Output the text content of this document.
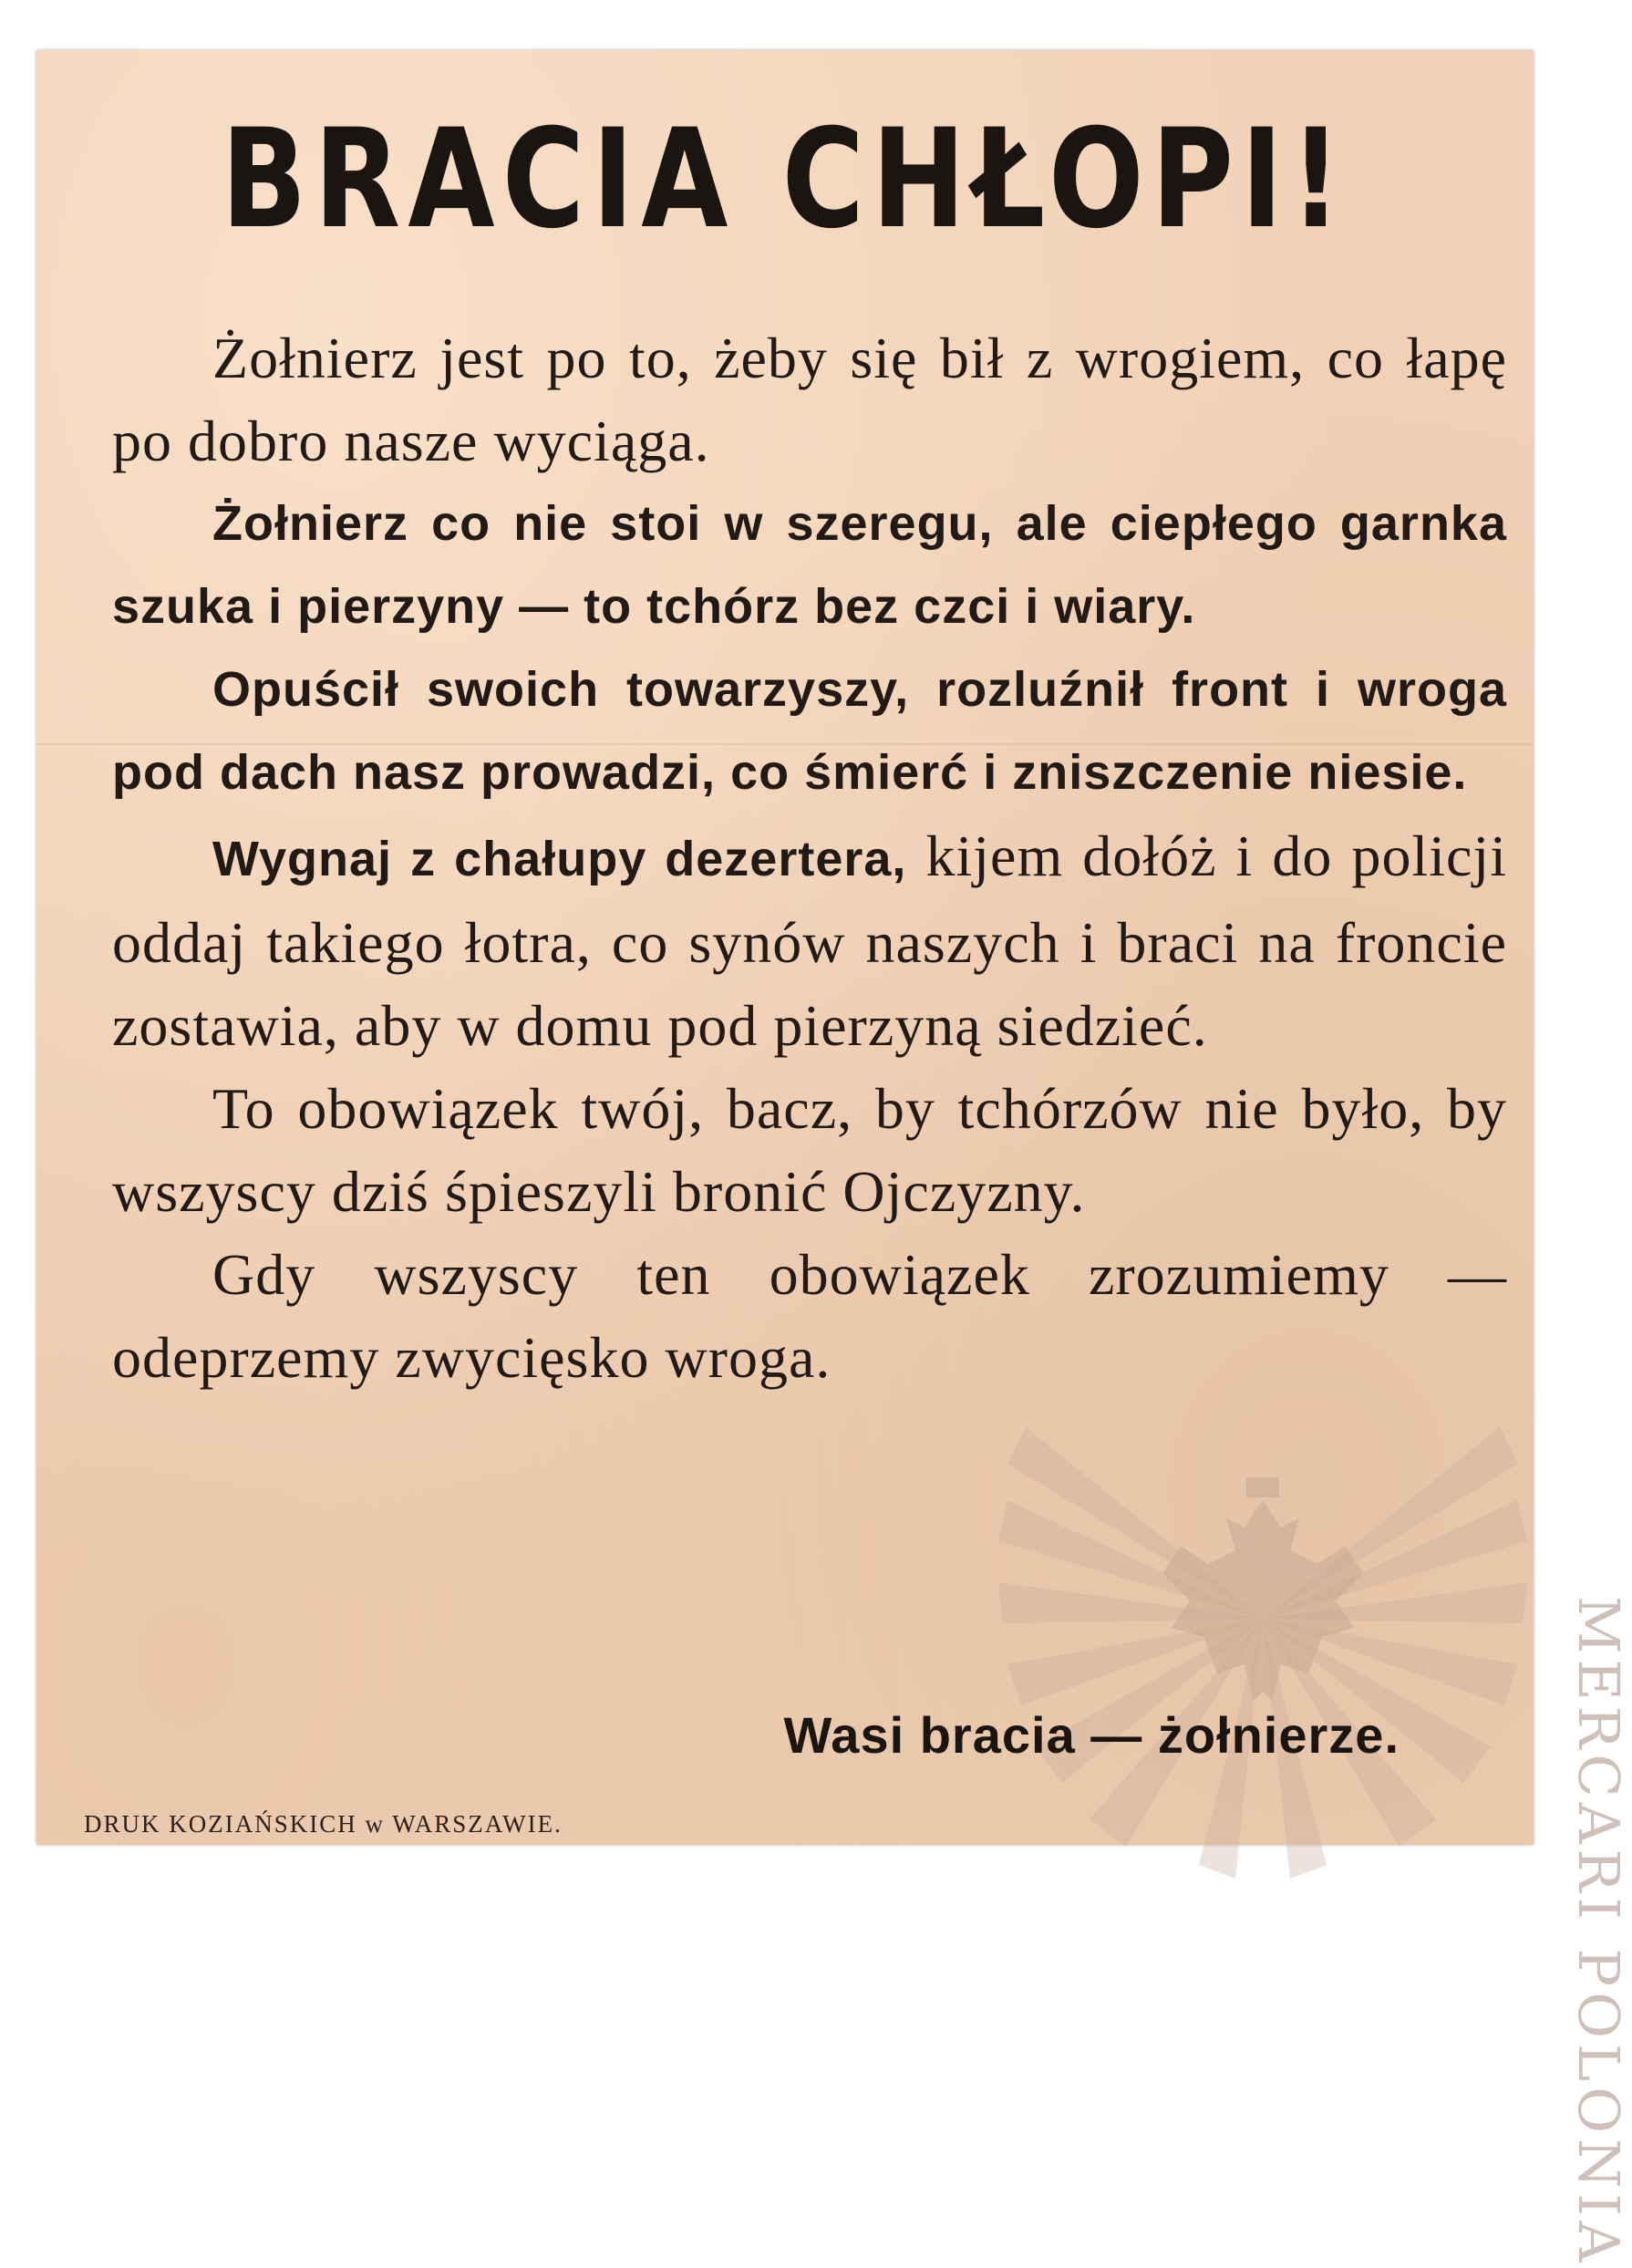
MERCARI POLONIA
BRACIA CHŁOPI!

Żołnierz jest po to, żeby się bił z wrogiem, co łapę po dobro nasze wyciąga.

Żołnierz co nie stoi w szeregu, ale ciepłego garnka szuka i pierzyny — to tchórz bez czci i wiary.

Opuścił swoich towarzyszy, rozluźnił front i wroga pod dach nasz prowadzi, co śmierć i zniszczenie niesie.

Wygnaj z chałupy dezertera, kijem dołóż i do policji oddaj takiego łotra, co synów naszych i braci na froncie zostawia, aby w domu pod pierzyną siedzieć.

To obowiązek twój, bacz, by tchórzów nie było, by wszyscy dziś śpieszyli bronić Ojczyzny.

Gdy wszyscy ten obowiązek zrozumiemy — odeprzemy zwycięsko wroga.

Wasi bracia — żołnierze.
DRUK KOZIAŃSKICH w WARSZAWIE.
